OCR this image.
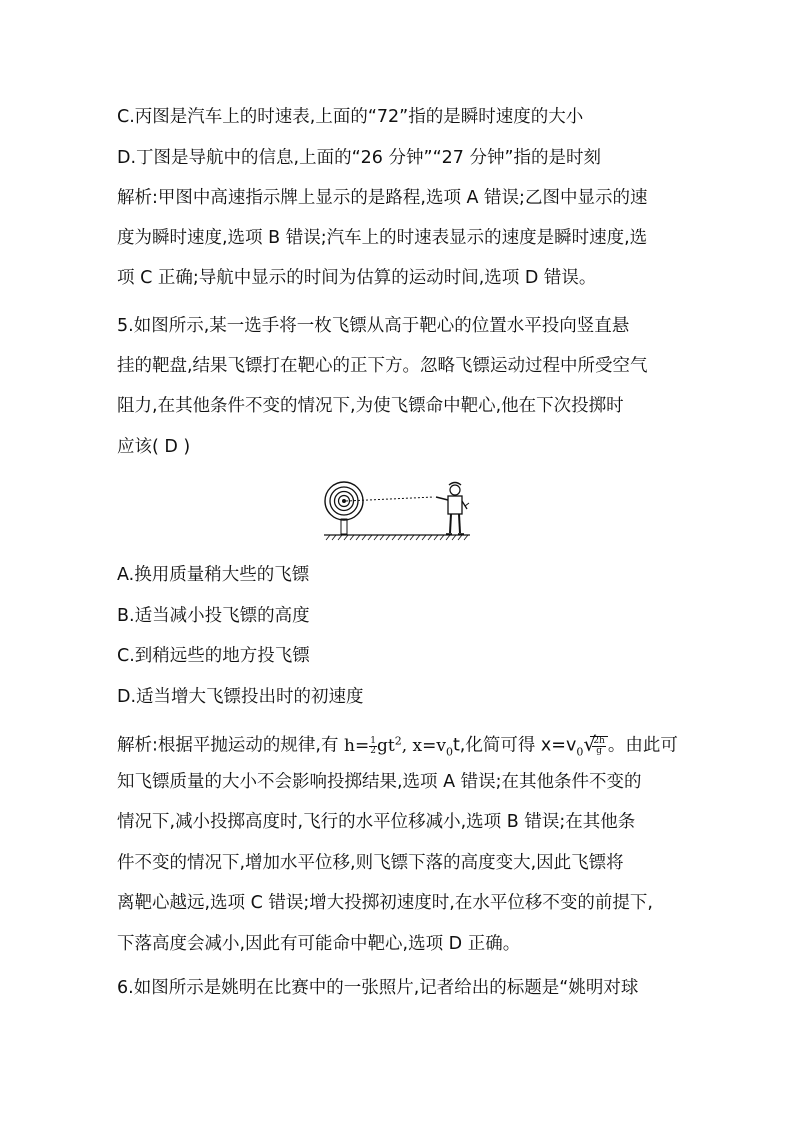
C.丙图是汽车上的时速表,上面的“72”指的是瞬时速度的大小
D.丁图是导航中的信息,上面的“26 分钟”“27 分钟”指的是时刻
解析:甲图中高速指示牌上显示的是路程,选项 A 错误;乙图中显示的速
度为瞬时速度,选项 B 错误;汽车上的时速表显示的速度是瞬时速度,选
项 C 正确;导航中显示的时间为估算的运动时间,选项 D 错误。
5.如图所示,某一选手将一枚飞镖从高于靶心的位置水平投向竖直悬
挂的靶盘,结果飞镖打在靶心的正下方。忽略飞镖运动过程中所受空气
阻力,在其他条件不变的情况下,为使飞镖命中靶心,他在下次投掷时
应该( D )
A.换用质量稍大些的飞镖
B.适当减小投飞镖的高度
C.到稍远些的地方投飞镖
D.适当增大飞镖投出时的初速度
解析:根据平抛运动的规律,有 $h= \frac{1}{2} gt^2$, $x=v_0t$,化简可得 $x=v_0$ √
$\frac{2h}{g}$ 。由此可
知飞镖质量的大小不会影响投掷结果,选项 A 错误;在其他条件不变的
情况下,减小投掷高度时,飞行的水平位移减小,选项 B 错误;在其他条
件不变的情况下,增加水平位移,则飞镖下落的高度变大,因此飞镖将
离靶心越远,选项 C 错误;增大投掷初速度时,在水平位移不变的前提下,
下落高度会减小,因此有可能命中靶心,选项 D 正确。
6.如图所示是姚明在比赛中的一张照片,记者给出的标题是“姚明对球
